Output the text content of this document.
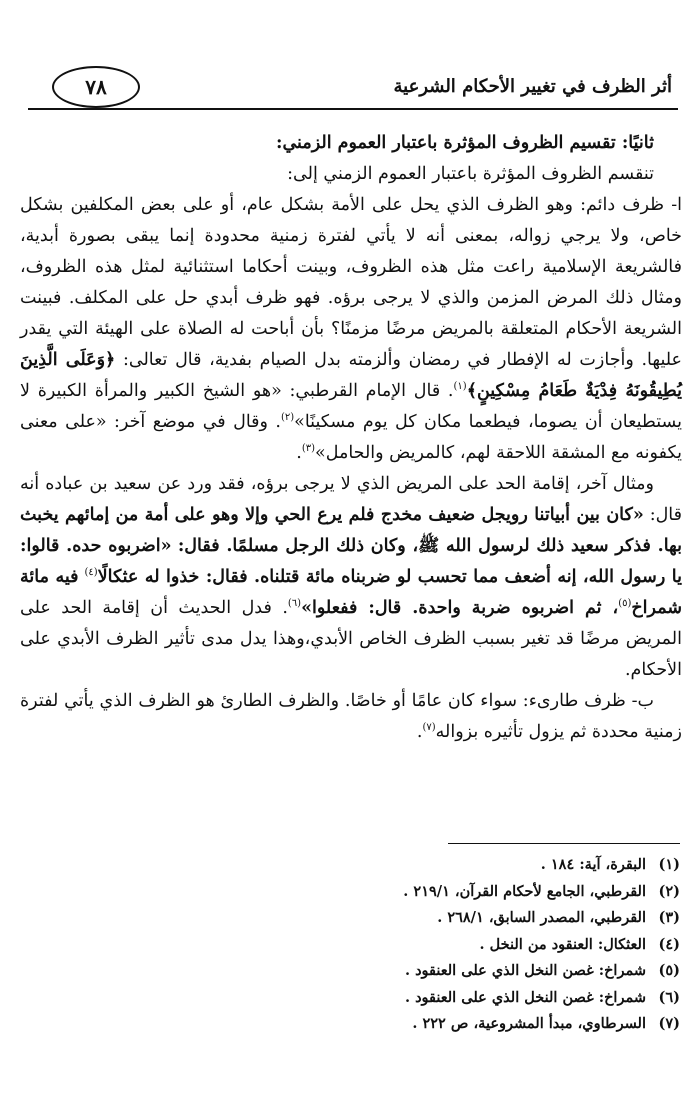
٧٨	أثر الظرف في تغيير الأحكام الشرعية

ثانيًا: تقسيم الظروف المؤثرة باعتبار العموم الزمني:

تنقسم الظروف المؤثرة باعتبار العموم الزمني إلى:

ا- ظرف دائم: وهو الظرف الذي يحل على الأمة بشكل عام، أو على بعض المكلفين بشكل خاص، ولا يرجي زواله، بمعنى أنه لا يأتي لفترة زمنية محدودة إنما يبقى بصورة أبدية، فالشريعة الإسلامية راعت مثل هذه الظروف، وبينت أحكاما استثنائية لمثل هذه الظروف، ومثال ذلك المرض المزمن والذي لا يرجى برؤه. فهو ظرف أبدي حل على المكلف. فبينت الشريعة الأحكام المتعلقة بالمريض مرضًا مزمنًا؟ بأن أباحت له الصلاة على الهيئة التي يقدر عليها. وأجازت له الإفطار في رمضان وألزمته بدل الصيام بفدية، قال تعالى: ﴿وَعَلَى الَّذِينَ يُطِيقُونَهُ فِدْيَةٌ طَعَامُ مِسْكِينٍ﴾$^{(١)}$. قال الإمام القرطبي: «هو الشيخ الكبير والمرأة الكبيرة لا يستطيعان أن يصوما، فيطعما مكان كل يوم مسكينًا»$^{(٢)}$. وقال في موضع آخر: «على معنى يكفونه مع المشقة اللاحقة لهم، كالمريض والحامل»$^{(٣)}$.

ومثال آخر، إقامة الحد على المريض الذي لا يرجى برؤه، فقد ورد عن سعيد بن عباده أنه قال: «كان بين أبياتنا رويجل ضعيف مخدج فلم يرع الحي وإلا وهو على أمة من إمائهم يخبث بها. فذكر سعيد ذلك لرسول الله ﷺ، وكان ذلك الرجل مسلمًا. فقال: «اضربوه حده. قالوا: يا رسول الله، إنه أضعف مما تحسب لو ضربناه مائة قتلناه. فقال: خذوا له عثكالًا$^{(٤)}$ فيه مائة شمراخ$^{(٥)}$، ثم اضربوه ضربة واحدة. قال: ففعلوا»$^{(٦)}$. فدل الحديث أن إقامة الحد على المريض مرضًا قد تغير بسبب الظرف الخاص الأبدي،وهذا يدل مدى تأثير الظرف الأبدي على الأحكام.

ب- ظرف طارىء: سواء كان عامًا أو خاصًا. والظرف الطارئ هو الظرف الذي يأتي لفترة زمنية محددة ثم يزول تأثيره بزواله$^{(٧)}$.

(١)البقرة، آية: ١٨٤ .
(٢)القرطبي، الجامع لأحكام القرآن، ٢١٩/١ .
(٣)القرطبي، المصدر السابق، ٢٦٨/١ .
(٤)العثكال: العنقود من النخل .
(٥)شمراخ: غصن النخل الذي على العنقود .
(٦)شمراخ: غصن النخل الذي على العنقود .
(٧)السرطاوي، مبدأ المشروعية، ص ٢٢٢ .
